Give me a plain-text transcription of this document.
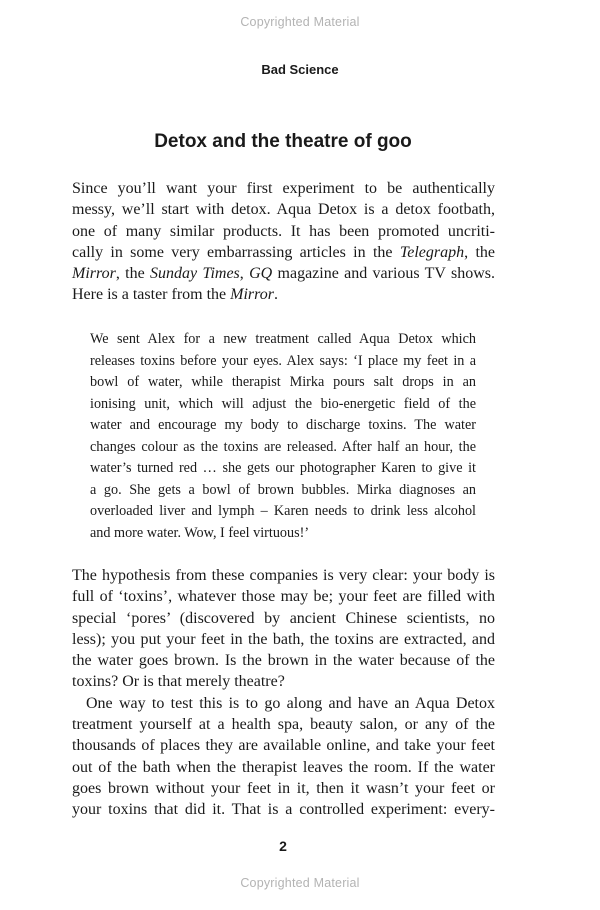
Copyrighted Material
Bad Science
Detox and the theatre of goo
Since you’ll want your first experiment to be authentically
messy, we’ll start with detox. Aqua Detox is a detox footbath,
one of many similar products. It has been promoted uncriti-
cally in some very embarrassing articles in the Telegraph, the
Mirror, the Sunday Times, GQ magazine and various TV shows.
Here is a taster from the Mirror.
We sent Alex for a new treatment called Aqua Detox which
releases toxins before your eyes. Alex says: ‘I place my feet in a
bowl of water, while therapist Mirka pours salt drops in an
ionising unit, which will adjust the bio-energetic field of the
water and encourage my body to discharge toxins. The water
changes colour as the toxins are released. After half an hour, the
water’s turned red … she gets our photographer Karen to give it
a go. She gets a bowl of brown bubbles. Mirka diagnoses an
overloaded liver and lymph – Karen needs to drink less alcohol
and more water. Wow, I feel virtuous!’
The hypothesis from these companies is very clear: your body is
full of ‘toxins’, whatever those may be; your feet are filled with
special ‘pores’ (discovered by ancient Chinese scientists, no
less); you put your feet in the bath, the toxins are extracted, and
the water goes brown. Is the brown in the water because of the
toxins? Or is that merely theatre?
One way to test this is to go along and have an Aqua Detox
treatment yourself at a health spa, beauty salon, or any of the
thousands of places they are available online, and take your feet
out of the bath when the therapist leaves the room. If the water
goes brown without your feet in it, then it wasn’t your feet or
your toxins that did it. That is a controlled experiment: every-
2
Copyrighted Material
